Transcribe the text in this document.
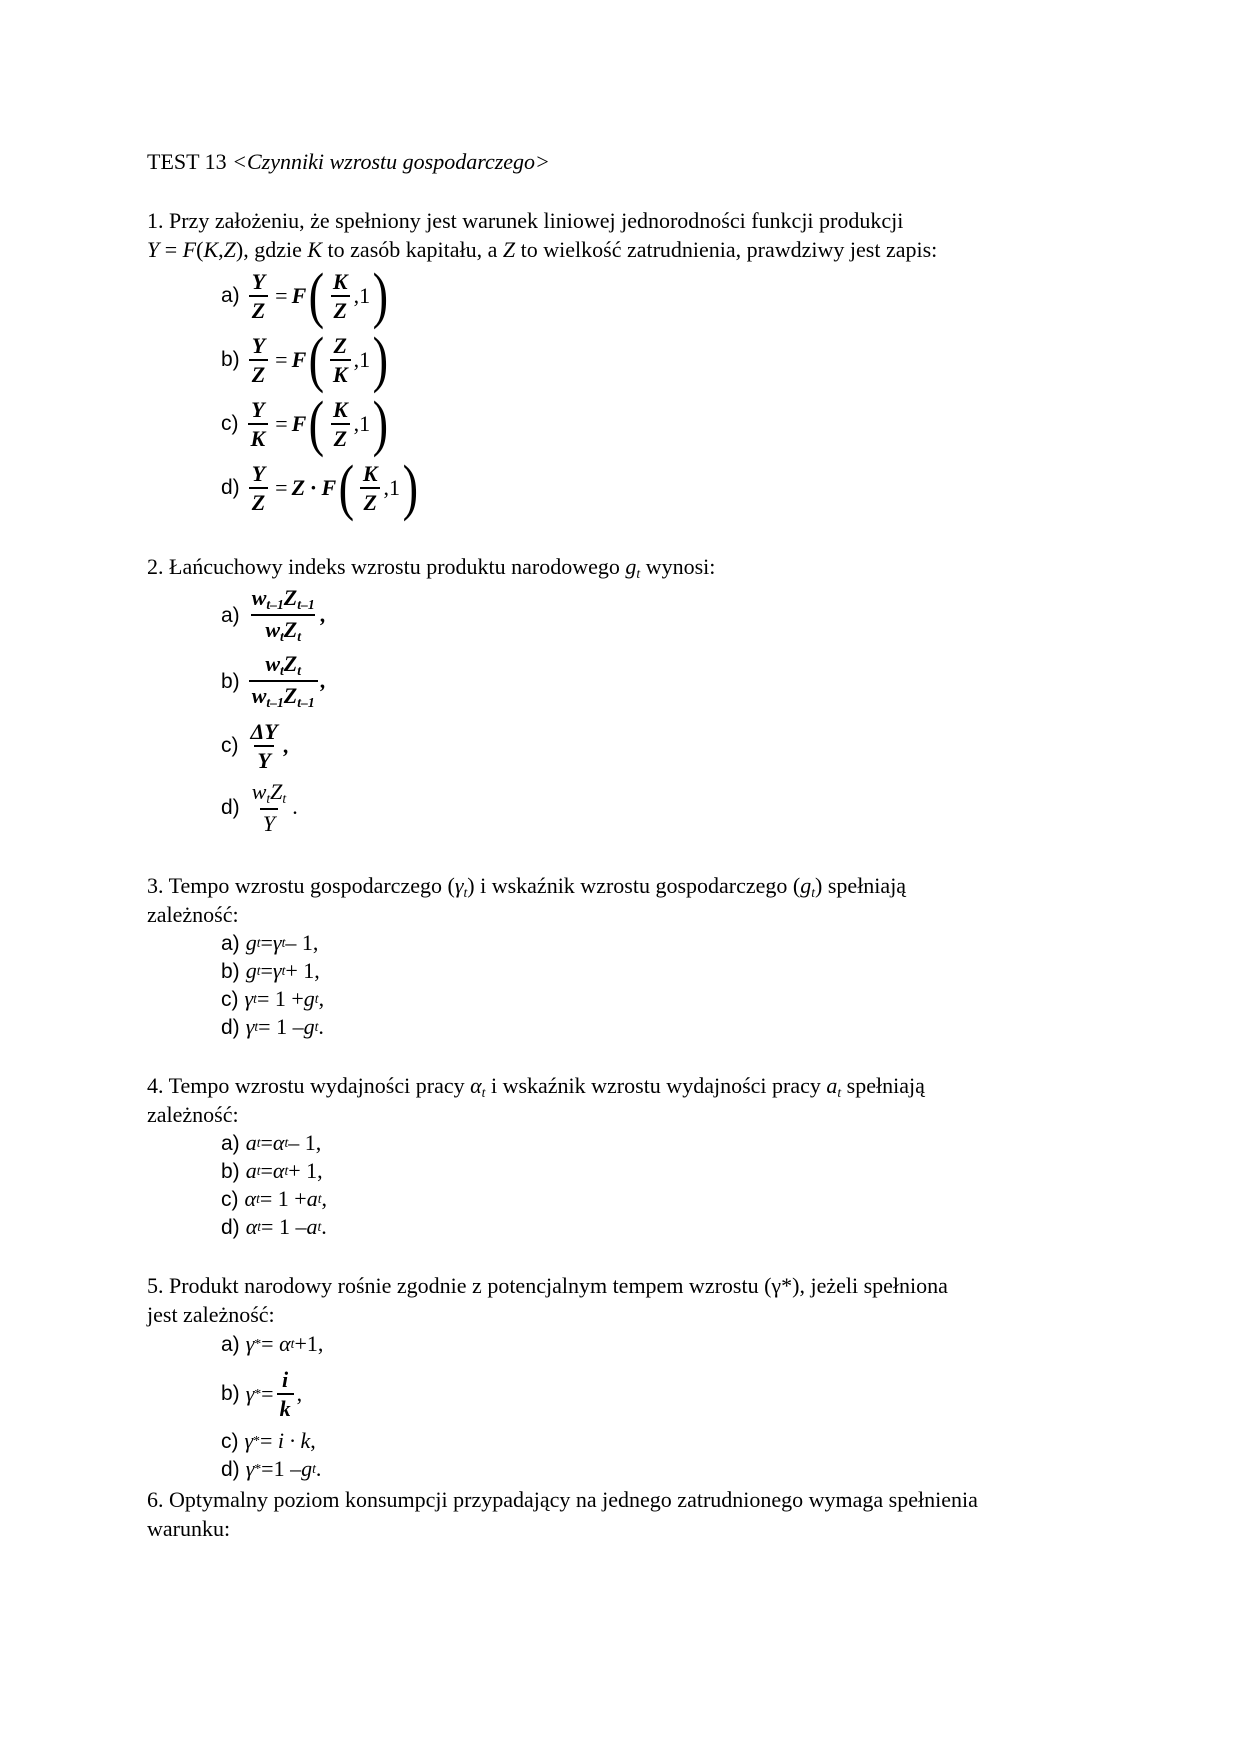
TEST 13 <Czynniki wzrostu gospodarczego>
1. Przy założeniu, że spełniony jest warunek liniowej jednorodności funkcji produkcji
Y = F(K,Z), gdzie K to zasób kapitału, a Z to wielkość zatrudnienia, prawdziwy jest zapis:
$a) \frac{Y}{Z} = F$ ( $\frac{K}{Z} ,1$ )
$b) \frac{Y}{Z} = F$ ( $\frac{Z}{K} ,1$ )
$c) \frac{Y}{K} = F$ ( $\frac{K}{Z} ,1$ )
$d) \frac{Y}{Z} = Z \cdot F$ ( $\frac{K}{Z} ,1$ )
2. Łańcuchowy indeks wzrostu produktu narodowego $g_t$ wynosi:
$a) \frac{w_{t-1}Z_{t-1}}{w_tZ_t}$ ,
$b) \frac{w_tZ_t}{w_{t-1}Z_{t-1}}$ ,
$c) \frac{\Delta Y}{Y}$ ,
$d) \frac{w_tZ_t}{Y}$ .
3. Tempo wzrostu gospodarczego $(\gamma_t)$ i wskaźnik wzrostu gospodarczego $(g_t)$ spełniają
zależność:
a) g t = γ t – 1,
b) g t = γ t + 1,
c) γ t = 1 + g t ,
d) γ t = 1 – g t .
4. Tempo wzrostu wydajności pracy $\alpha_t$ i wskaźnik wzrostu wydajności pracy $a_t$ spełniają
zależność:
a) a t = α t – 1,
b) a t = α t + 1,
c) α t = 1 + a t ,
d) α t = 1 – a t .
5. Produkt narodowy rośnie zgodnie z potencjalnym tempem wzrostu (γ*), jeżeli spełniona
jest zależność:
a) γ * =
α t +1,
b) γ * = $\frac{i}{k}$ ,
c) γ * =
i · k ,
d) γ * =1 – g t .
6. Optymalny poziom konsumpcji przypadający na jednego zatrudnionego wymaga spełnienia
warunku:
